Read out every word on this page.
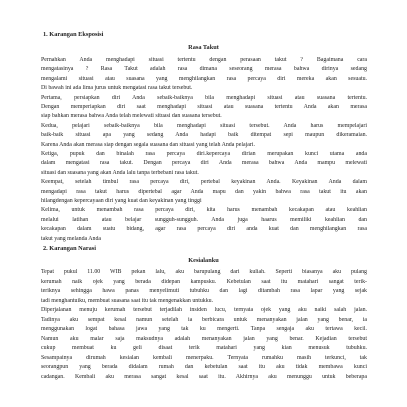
1. Karangan Eksposisi
Rasa Takut
Pernahkan Anda menghadapi situasi tertentu dengan perasaan takut ? Bagaimana cara
mengatasinya ? Rasa Takut adalah rasa dimana seseorang merasa bahwa dirinya sedang
mengalami situasi atau suasana yang menghilangkan rasa percaya diri mereka akan sesuatu.
Di bawah ini ada lima jurus untuk mengatasi rasa takut tersebut.
Pertama, persiapkan diri Anda sebaik-baiknya bila menghadapi situasi atau suasana tertentu.
Dengan memperiapkan diri saat menghadapi situasi atau suasana tertentu Anda akan merasa
siap bahkan merasa bahwa Anda telah melewati situasi dan suasana tersebut.
Kedua, pelajari sebaik-baiknya bila menghadapi situasi tersebut. Anda harus mempelajari
baik-baik situasi apa yang sedang Anda hadapi baik ditempat sepi maupun dikeramaian.
Karena Anda akan merasa siap dengan segala suasana dan situasi yang telah Anda pelajari.
Ketiga, pupuk dan binalah rasa percaya diri.kepercaya dirian merupakan kunci utama anda
dalam mengatasi rasa takut. Dengan percaya diri Anda merasa bahwa Anda mampu melewati
situasi dan suasana yang akan Anda lalu tanpa terbebani rasa takut.
Keempat, setelah timbul rasa percaya diri, pertebal keyakinan Anda. Keyakinan Anda dalam
mengadapi rasa takut harus dipertebal agar Anda mapu dan yakin bahwa rasa takut itu akan
hilangdengan kepercayaan diri yang kuat dan keyakinan yang tinggi
Kelima, untuk menambah rasa percaya diri, kita harus menambah kecakapan atau keahlian
melalui latihan atau belajar sungguh-sungguh. Anda juga haarus memiliki keahlian dan
kecakapan dalam suatu bidang, agar rasa percaya diri anda kuat dan menghilangkan rasa
takut yang melanda Anda
2. Karangan Narasi
Kesialanku
Tepat pukul 11.00 WIB pekan lalu, aku barupulang dari kuliah. Seperti biasanya aku pulang
kerumah naik ojek yang berada didepan kampusku. Kebetulan saat itu matahari sangat terik-
teriknya sehingga hawa panas menyelimuti tubuhku dan lagi ditambah rasa lapar yang sejak
tadi menghantuiku, membuat suasana saat itu tak mengenakkan untukku.
Diperjalanan menuju kerumah tersebut terjadilah insiden lucu, ternyata ojek yang aku naiki salah jalan.
Tadinya aku sempat kesal namun setelah ia berbicara untuk menanyakan jalan yang benar, ia
menggunakan logat bahasa jawa yang tak ku mengerti. Tanpa sengaja aku tertawa kecil.
Namun aku malar saja maksudnya adalah menanyakan jalan yang benar. Kejadian tersebut
cukup membuat ku geli disaat terik matahari yang kian menusuk tubuhku.
Sesampainya dirumah kesialan kembali menerpaku. Ternyata rumahku masih terkunci, tak
seorangpun yang berada didalam rumah dan kebetulan saat itu aku tidak membawa kunci
cadangan. Kembali aku merasa sangat kesal saat itu. Akhirnya aku menunggu untuk beberapa
